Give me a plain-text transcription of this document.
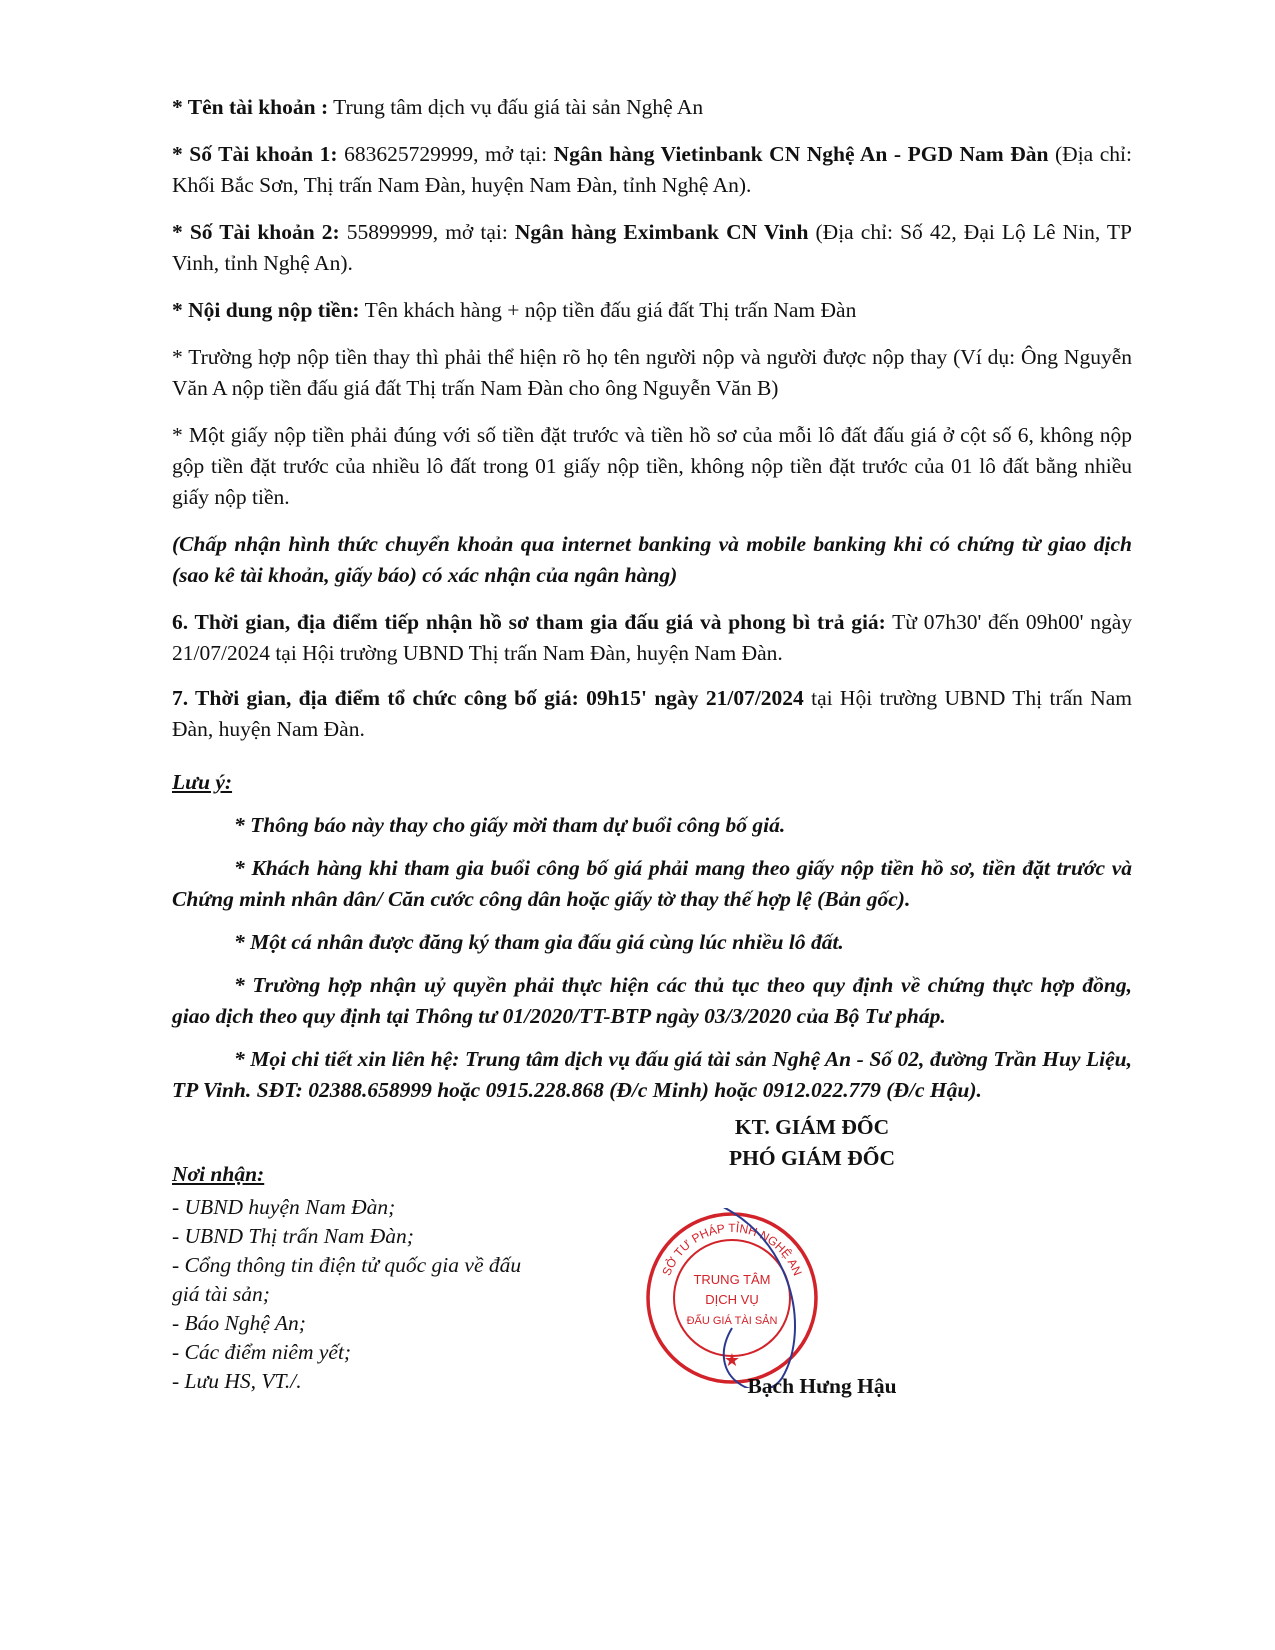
* Tên tài khoản : Trung tâm dịch vụ đấu giá tài sản Nghệ An

* Số Tài khoản 1: 683625729999, mở tại: Ngân hàng Vietinbank CN Nghệ An - PGD Nam Đàn (Địa chỉ: Khối Bắc Sơn, Thị trấn Nam Đàn, huyện Nam Đàn, tỉnh Nghệ An).

* Số Tài khoản 2: 55899999, mở tại: Ngân hàng Eximbank CN Vinh (Địa chỉ: Số 42, Đại Lộ Lê Nin, TP Vinh, tỉnh Nghệ An).

* Nội dung nộp tiền: Tên khách hàng + nộp tiền đấu giá đất Thị trấn Nam Đàn

* Trường hợp nộp tiền thay thì phải thể hiện rõ họ tên người nộp và người được nộp thay (Ví dụ: Ông Nguyễn Văn A nộp tiền đấu giá đất Thị trấn Nam Đàn cho ông Nguyễn Văn B)

* Một giấy nộp tiền phải đúng với số tiền đặt trước và tiền hồ sơ của mỗi lô đất đấu giá ở cột số 6, không nộp gộp tiền đặt trước của nhiều lô đất trong 01 giấy nộp tiền, không nộp tiền đặt trước của 01 lô đất bằng nhiều giấy nộp tiền.

(Chấp nhận hình thức chuyển khoản qua internet banking và mobile banking khi có chứng từ giao dịch (sao kê tài khoản, giấy báo) có xác nhận của ngân hàng)

6. Thời gian, địa điểm tiếp nhận hồ sơ tham gia đấu giá và phong bì trả giá: Từ 07h30' đến 09h00' ngày 21/07/2024 tại Hội trường UBND Thị trấn Nam Đàn, huyện Nam Đàn.

7. Thời gian, địa điểm tổ chức công bố giá: 09h15' ngày 21/07/2024 tại Hội trường UBND Thị trấn Nam Đàn, huyện Nam Đàn.

Lưu ý:

* Thông báo này thay cho giấy mời tham dự buổi công bố giá.

* Khách hàng khi tham gia buổi công bố giá phải mang theo giấy nộp tiền hồ sơ, tiền đặt trước và Chứng minh nhân dân/ Căn cước công dân hoặc giấy tờ thay thế hợp lệ (Bản gốc).

* Một cá nhân được đăng ký tham gia đấu giá cùng lúc nhiều lô đất.

* Trường hợp nhận uỷ quyền phải thực hiện các thủ tục theo quy định về chứng thực hợp đồng, giao dịch theo quy định tại Thông tư 01/2020/TT-BTP ngày 03/3/2020 của Bộ Tư pháp.

* Mọi chi tiết xin liên hệ: Trung tâm dịch vụ đấu giá tài sản Nghệ An - Số 02, đường Trần Huy Liệu, TP Vinh. SĐT: 02388.658999 hoặc 0915.228.868 (Đ/c Minh) hoặc 0912.022.779 (Đ/c Hậu).

Nơi nhận:

- UBND huyện Nam Đàn;

- UBND Thị trấn Nam Đàn;

- Cổng thông tin điện tử quốc gia về đấu giá tài sản;

- Báo Nghệ An;

- Các điểm niêm yết;

- Lưu HS, VT./.

KT. GIÁM ĐỐC
PHÓ GIÁM ĐỐC
★
TRUNG TÂM
DỊCH VỤ
ĐẤU GIÁ TÀI SẢN
SỞ TƯ PHÁP TỈNH NGHỆ AN
Bạch Hưng Hậu
